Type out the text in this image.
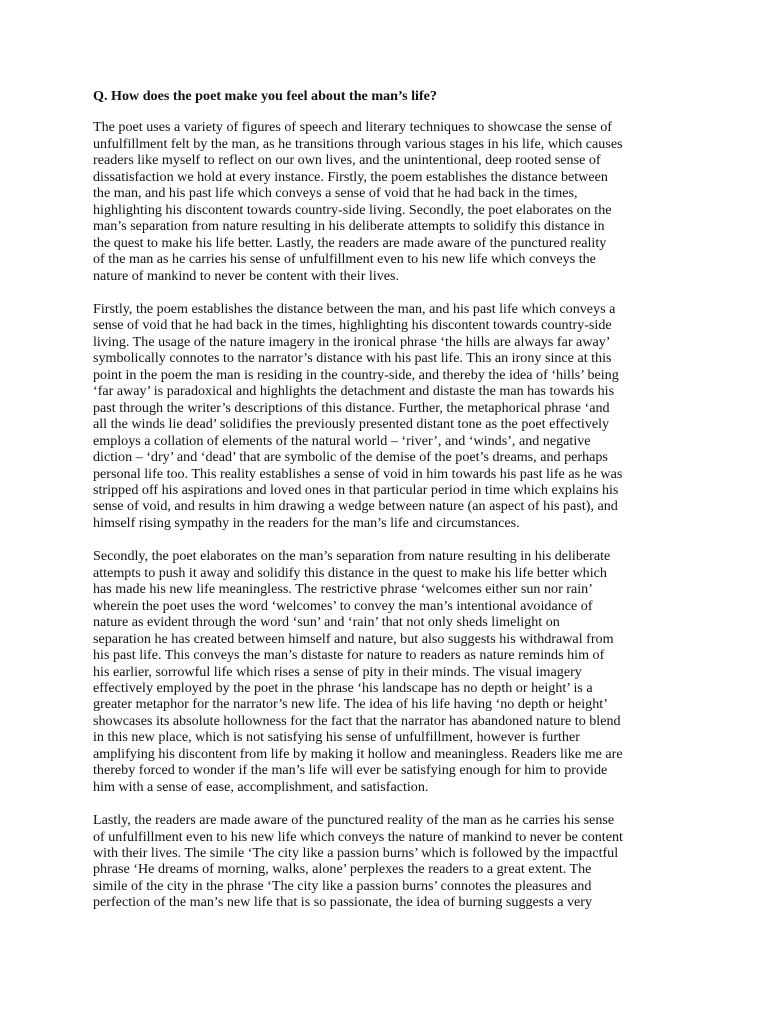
Q. How does the poet make you feel about the man’s life?
The poet uses a variety of figures of speech and literary techniques to showcase the sense of
unfulfillment felt by the man, as he transitions through various stages in his life, which causes
readers like myself to reflect on our own lives, and the unintentional, deep rooted sense of
dissatisfaction we hold at every instance. Firstly, the poem establishes the distance between
the man, and his past life which conveys a sense of void that he had back in the times,
highlighting his discontent towards country-side living. Secondly, the poet elaborates on the
man’s separation from nature resulting in his deliberate attempts to solidify this distance in
the quest to make his life better. Lastly, the readers are made aware of the punctured reality
of the man as he carries his sense of unfulfillment even to his new life which conveys the
nature of mankind to never be content with their lives.
Firstly, the poem establishes the distance between the man, and his past life which conveys a
sense of void that he had back in the times, highlighting his discontent towards country-side
living. The usage of the nature imagery in the ironical phrase ‘the hills are always far away’
symbolically connotes to the narrator’s distance with his past life. This an irony since at this
point in the poem the man is residing in the country-side, and thereby the idea of ‘hills’ being
‘far away’ is paradoxical and highlights the detachment and distaste the man has towards his
past through the writer’s descriptions of this distance. Further, the metaphorical phrase ‘and
all the winds lie dead’ solidifies the previously presented distant tone as the poet effectively
employs a collation of elements of the natural world – ‘river’, and ‘winds’, and negative
diction – ‘dry’ and ‘dead’ that are symbolic of the demise of the poet’s dreams, and perhaps
personal life too. This reality establishes a sense of void in him towards his past life as he was
stripped off his aspirations and loved ones in that particular period in time which explains his
sense of void, and results in him drawing a wedge between nature (an aspect of his past), and
himself rising sympathy in the readers for the man’s life and circumstances.
Secondly, the poet elaborates on the man’s separation from nature resulting in his deliberate
attempts to push it away and solidify this distance in the quest to make his life better which
has made his new life meaningless. The restrictive phrase ‘welcomes either sun nor rain’
wherein the poet uses the word ‘welcomes’ to convey the man’s intentional avoidance of
nature as evident through the word ‘sun’ and ‘rain’ that not only sheds limelight on
separation he has created between himself and nature, but also suggests his withdrawal from
his past life. This conveys the man’s distaste for nature to readers as nature reminds him of
his earlier, sorrowful life which rises a sense of pity in their minds. The visual imagery
effectively employed by the poet in the phrase ‘his landscape has no depth or height’ is a
greater metaphor for the narrator’s new life. The idea of his life having ‘no depth or height’
showcases its absolute hollowness for the fact that the narrator has abandoned nature to blend
in this new place, which is not satisfying his sense of unfulfillment, however is further
amplifying his discontent from life by making it hollow and meaningless. Readers like me are
thereby forced to wonder if the man’s life will ever be satisfying enough for him to provide
him with a sense of ease, accomplishment, and satisfaction.
Lastly, the readers are made aware of the punctured reality of the man as he carries his sense
of unfulfillment even to his new life which conveys the nature of mankind to never be content
with their lives. The simile ‘The city like a passion burns’ which is followed by the impactful
phrase ‘He dreams of morning, walks, alone’ perplexes the readers to a great extent. The
simile of the city in the phrase ‘The city like a passion burns’ connotes the pleasures and
perfection of the man’s new life that is so passionate, the idea of burning suggests a very
